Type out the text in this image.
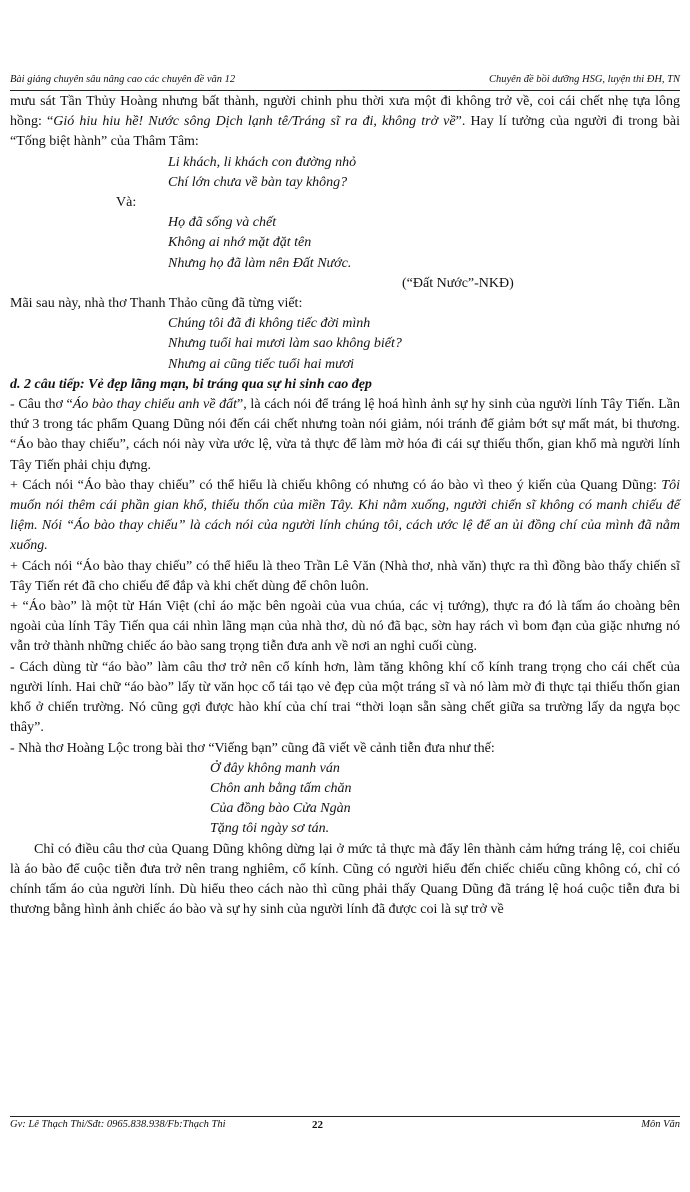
Bài giảng chuyên sâu nâng cao các chuyên đề văn 12	Chuyên đề bồi dưỡng HSG, luyện thi ĐH, TN

mưu sát Tần Thủy Hoàng nhưng bất thành, người chinh phu thời xưa một đi không trở về, coi cái chết nhẹ tựa lông hồng: “Gió hiu hiu hề! Nước sông Dịch lạnh tê/Tráng sĩ ra đi, không trở về”. Hay lí tưởng của người đi trong bài “Tống biệt hành” của Thâm Tâm:

Li khách, li khách con đường nhỏ
Chí lớn chưa về bàn tay không?
Và:
Họ đã sống và chết
Không ai nhớ mặt đặt tên
Nhưng họ đã làm nên Đất Nước.
(“Đất Nước”-NKĐ)

Mãi sau này, nhà thơ Thanh Thảo cũng đã từng viết:

Chúng tôi đã đi không tiếc đời mình
Nhưng tuổi hai mươi làm sao không biết?
Nhưng ai cũng tiếc tuổi hai mươi

d. 2 câu tiếp: Vẻ đẹp lãng mạn, bi tráng qua sự hi sinh cao đẹp

- Câu thơ “Áo bào thay chiếu anh về đất”, là cách nói để tráng lệ hoá hình ảnh sự hy sinh của người lính Tây Tiến. Lần thứ 3 trong tác phẩm Quang Dũng nói đến cái chết nhưng toàn nói giảm, nói tránh để giảm bớt sự mất mát, bi thương. “Áo bào thay chiếu”, cách nói này vừa ước lệ, vừa tả thực để làm mờ hóa đi cái sự thiếu thốn, gian khổ mà người lính Tây Tiến phải chịu đựng.

+ Cách nói “Áo bào thay chiếu” có thể hiểu là chiếu không có nhưng có áo bào vì theo ý kiến của Quang Dũng: Tôi muốn nói thêm cái phần gian khổ, thiếu thốn của miền Tây. Khi nằm xuống, người chiến sĩ không có manh chiếu để liệm. Nói “Áo bào thay chiếu” là cách nói của người lính chúng tôi, cách ước lệ để an ủi đồng chí của mình đã nằm xuống.

+ Cách nói “Áo bào thay chiếu” có thể hiểu là theo Trần Lê Văn (Nhà thơ, nhà văn) thực ra thì đồng bào thấy chiến sĩ Tây Tiến rét đã cho chiếu để đắp và khi chết dùng để chôn luôn.

+ “Áo bào” là một từ Hán Việt (chỉ áo mặc bên ngoài của vua chúa, các vị tướng), thực ra đó là tấm áo choàng bên ngoài của lính Tây Tiến qua cái nhìn lãng mạn của nhà thơ, dù nó đã bạc, sờn hay rách vì bom đạn của giặc nhưng nó vẫn trở thành những chiếc áo bào sang trọng tiễn đưa anh về nơi an nghỉ cuối cùng.

- Cách dùng từ “áo bào” làm câu thơ trở nên cổ kính hơn, làm tăng không khí cổ kính trang trọng cho cái chết của người lính. Hai chữ “áo bào” lấy từ văn học cổ tái tạo vẻ đẹp của một tráng sĩ và nó làm mờ đi thực tại thiếu thốn gian khổ ở chiến trường. Nó cũng gợi được hào khí của chí trai “thời loạn sẵn sàng chết giữa sa trường lấy da ngựa bọc thây”.

- Nhà thơ Hoàng Lộc trong bài thơ “Viếng bạn” cũng đã viết về cảnh tiễn đưa như thế:

Ở đây không manh ván
Chôn anh bằng tấm chăn
Của đồng bào Cửa Ngàn
Tặng tôi ngày sơ tán.

Chỉ có điều câu thơ của Quang Dũng không dừng lại ở mức tả thực mà đẩy lên thành cảm hứng tráng lệ, coi chiếu là áo bào để cuộc tiễn đưa trở nên trang nghiêm, cổ kính. Cũng có người hiểu đến chiếc chiếu cũng không có, chỉ có chính tấm áo của người lính. Dù hiểu theo cách nào thì cũng phải thấy Quang Dũng đã tráng lệ hoá cuộc tiễn đưa bi thương bằng hình ảnh chiếc áo bào và sự hy sinh của người lính đã được coi là sự trở về

Gv: Lê Thạch Thi/Sđt: 0965.838.938/Fb:Thạch Thi	22	Môn Văn
